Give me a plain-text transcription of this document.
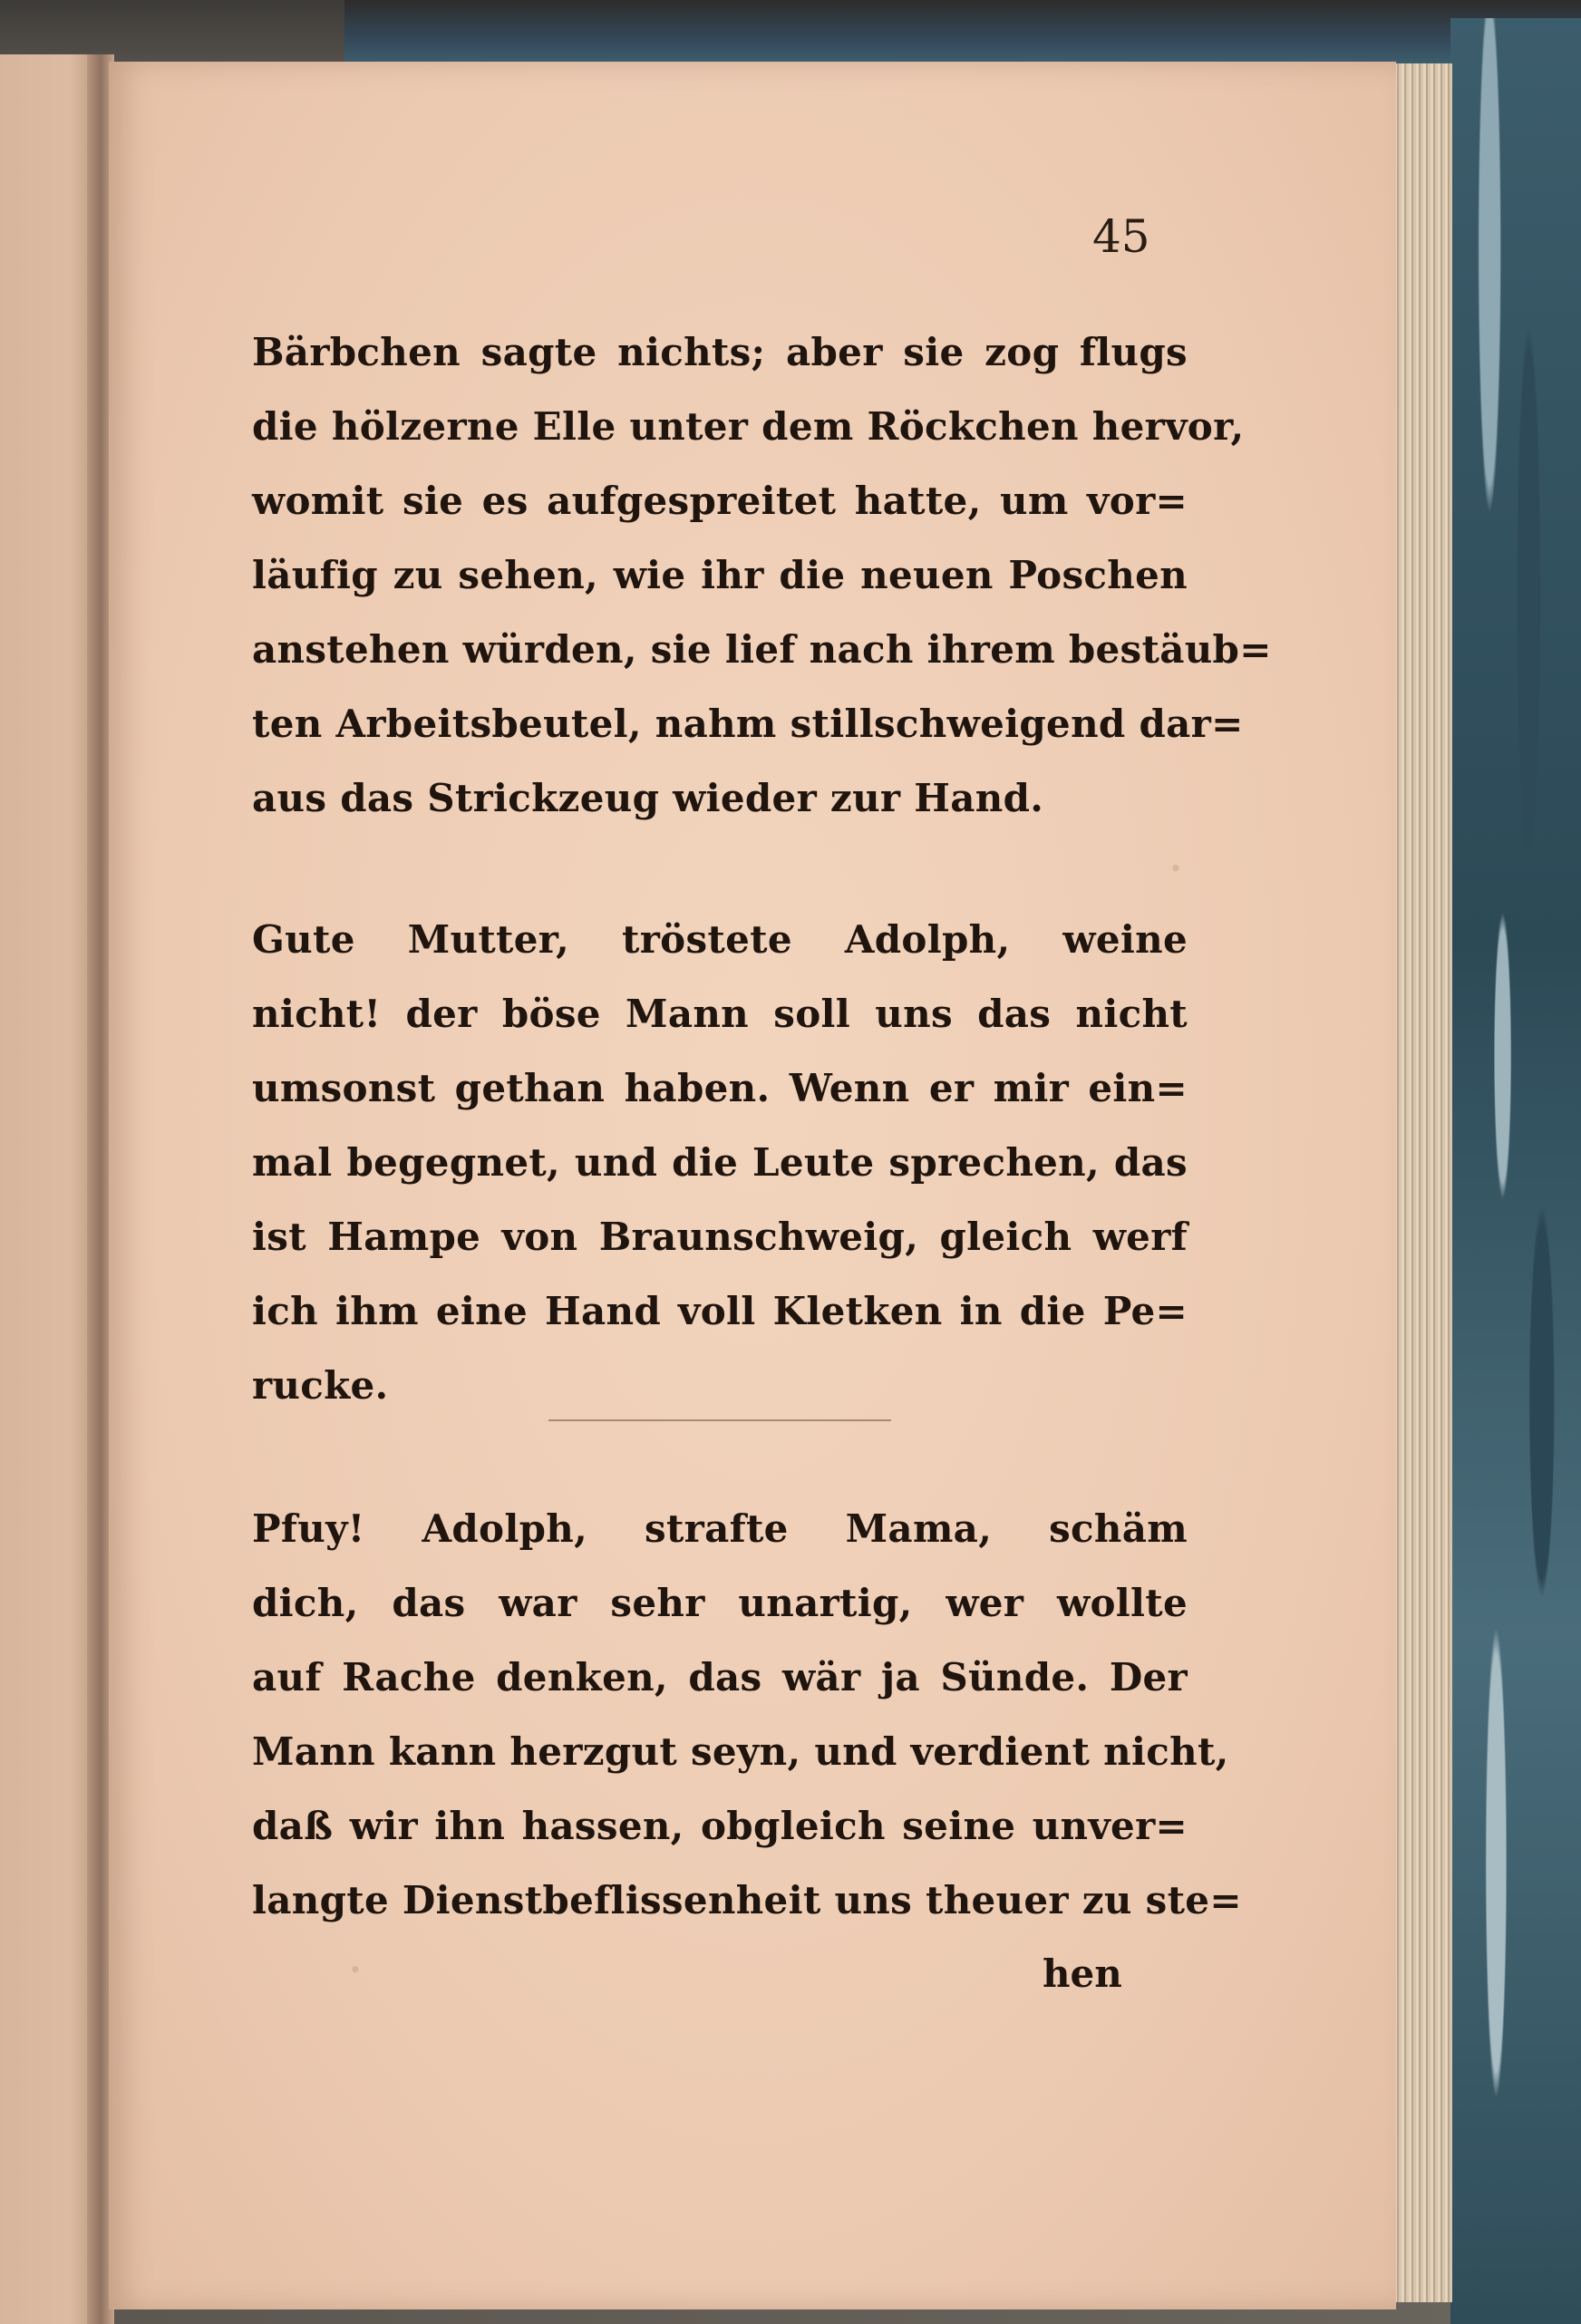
·
·
45

Bärbchen sagte nichts; aber sie zog flugs
die hölzerne Elle unter dem Röckchen hervor,
womit sie es aufgespreitet hatte, um vor=
läufig zu sehen, wie ihr die neuen Poschen
anstehen würden, sie lief nach ihrem bestäub=
ten Arbeitsbeutel, nahm stillschweigend dar=
aus das Strickzeug wieder zur Hand.

Gute Mutter, tröstete Adolph, weine
nicht! der böse Mann soll uns das nicht
umsonst gethan haben. Wenn er mir ein=
mal begegnet, und die Leute sprechen, das
ist Hampe von Braunschweig, gleich werf
ich ihm eine Hand voll Kletken in die Pe=
rucke.

Pfuy! Adolph, strafte Mama, schäm
dich, das war sehr unartig, wer wollte
auf Rache denken, das wär ja Sünde. Der
Mann kann herzgut seyn, und verdient nicht,
daß wir ihn hassen, obgleich seine unver=
langte Dienstbeflissenheit uns theuer zu ste=

hen
